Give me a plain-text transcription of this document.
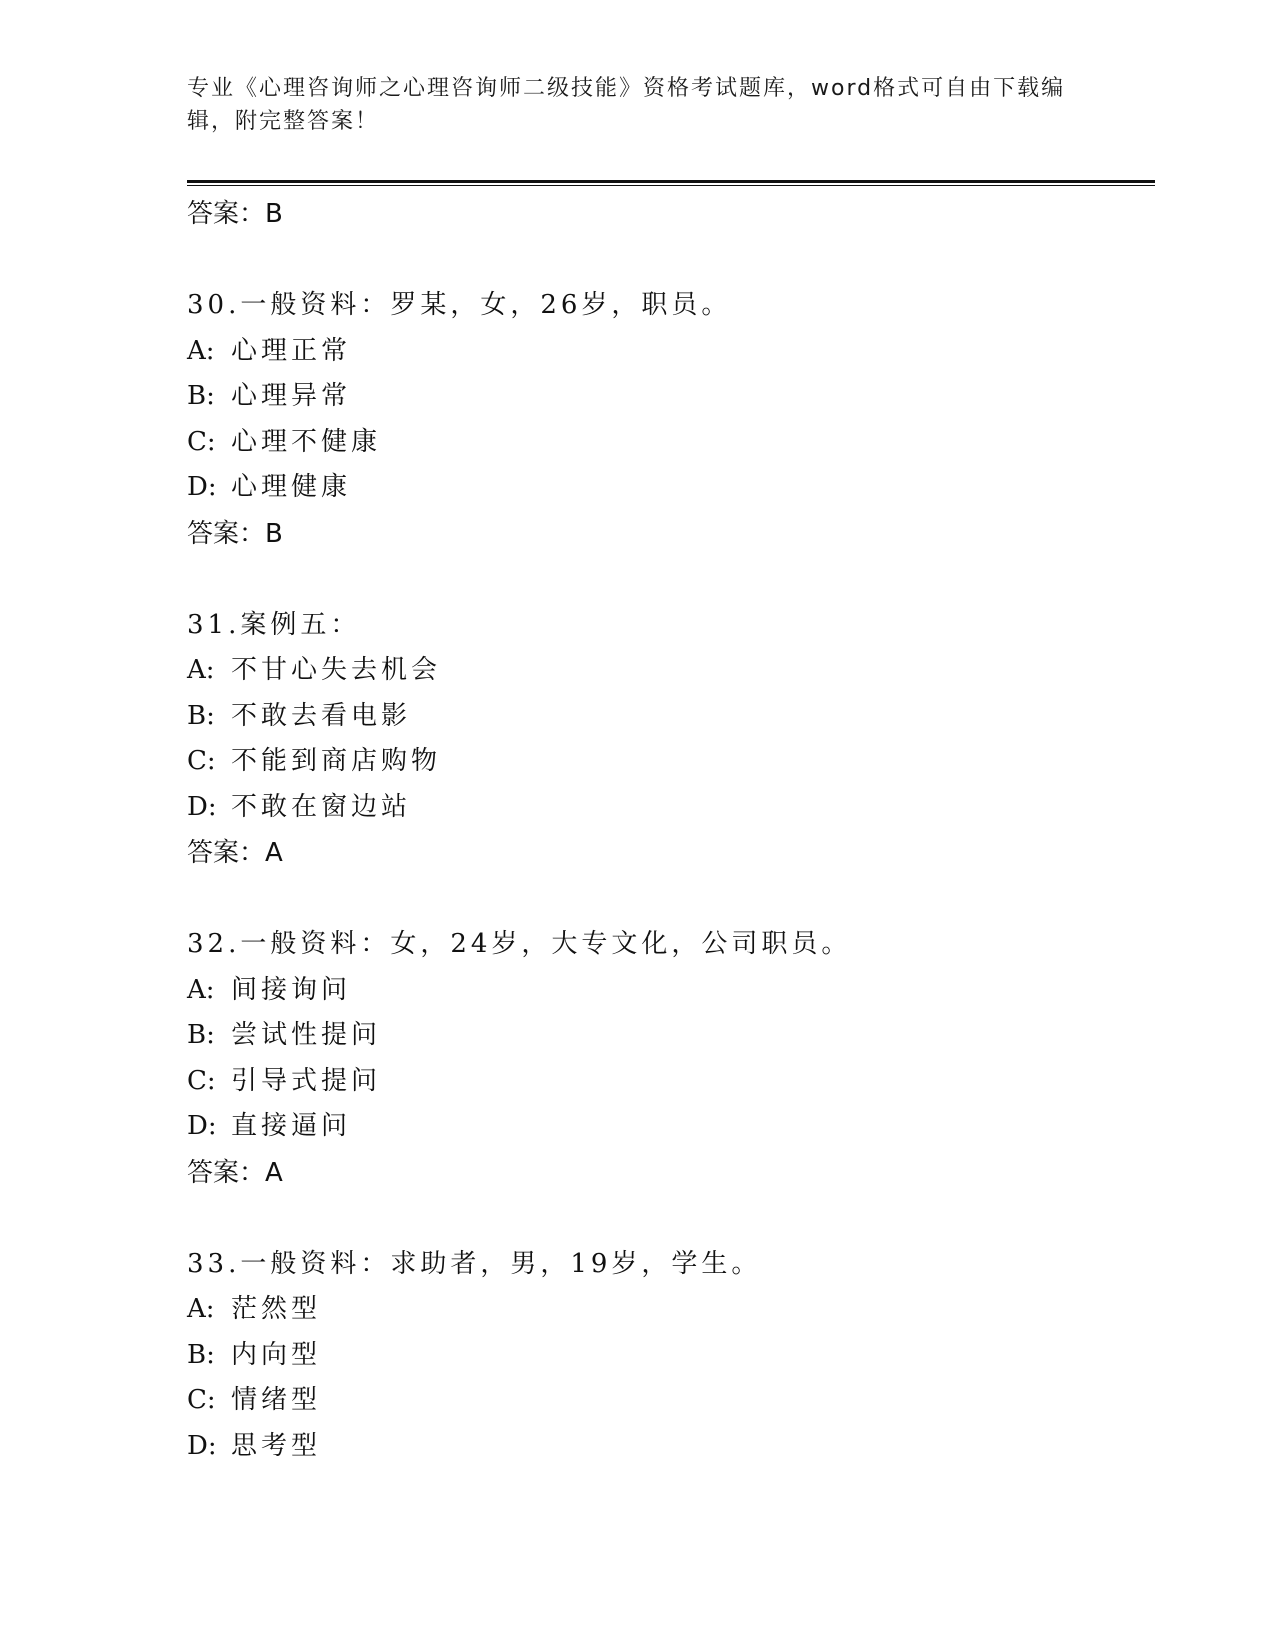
专业《心理咨询师之心理咨询师二级技能》资格考试题库，word格式可自由下载编辑，附完整答案！
答案：B
30.一般资料：罗某，女，26岁，职员。
A: 心理正常
B: 心理异常
C: 心理不健康
D: 心理健康
答案：B
31.案例五：
A: 不甘心失去机会
B: 不敢去看电影
C: 不能到商店购物
D: 不敢在窗边站
答案：A
32.一般资料：女，24岁，大专文化，公司职员。
A: 间接询问
B: 尝试性提问
C: 引导式提问
D: 直接逼问
答案：A
33.一般资料：求助者，男，19岁，学生。
A: 茫然型
B: 内向型
C: 情绪型
D: 思考型
